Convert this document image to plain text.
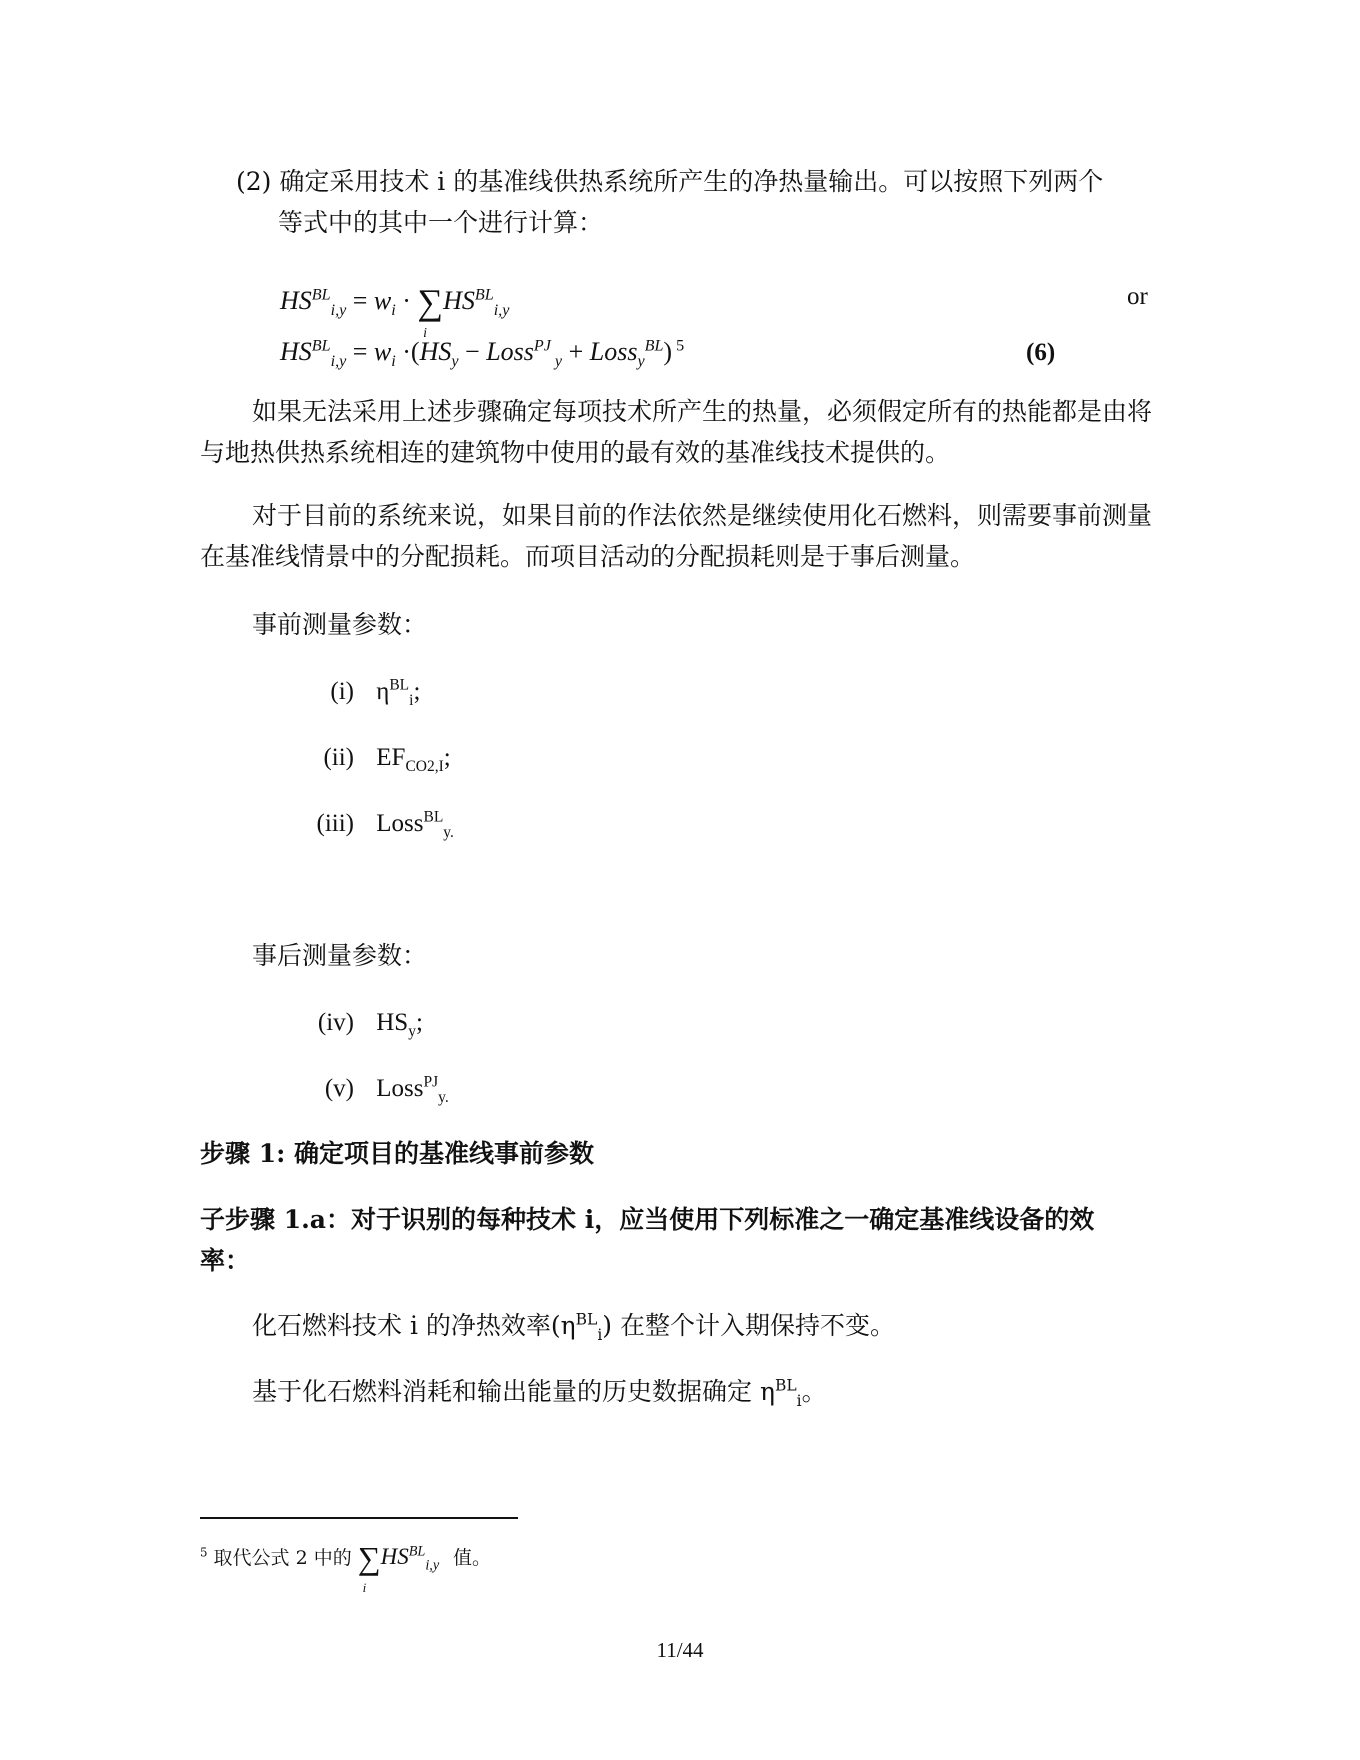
(2) 确定采用技术 i 的基准线供热系统所产生的净热量输出。可以按照下列两个
等式中的其中一个进行计算：
$HS^{BL}_{i,y} = w_i$ · ∑
i
$HS^{BL}_{i,y}$
or
$HS^{BL}_{i,y} = w_i \cdot(HS_y$ − Loss$^{PJ}$ $_y$ + Loss$_y^{BL}$) $^5$	(6)
如果无法采用上述步骤确定每项技术所产生的热量，必须假定所有的热能都是由将与地热供热系统相连的建筑物中使用的最有效的基准线技术提供的。
对于目前的系统来说，如果目前的作法依然是继续使用化石燃料，则需要事前测量在基准线情景中的分配损耗。而项目活动的分配损耗则是于事后测量。
事前测量参数：
(i) $\eta^{BL}_i$;
(ii) $EF_{CO2,I}$;
(iii) Loss$^{BL}_{y.}$
事后测量参数：
(iv) $HS_y$;
(v) Loss$^{PJ}_{y.}$
步骤 1: 确定项目的基准线事前参数
子步骤 1.a：对于识别的每种技术 i，应当使用下列标准之一确定基准线设备的效
率：
化石燃料技术 i 的净热效率$(\eta^{BL}_i)$ 在整个计入期保持不变。
基于化石燃料消耗和输出能量的历史数据确定 $\eta^{BL}_i$。
$^5$ 取代公式 2 中的 ∑
i
$HS^{BL}_{i,y}$ 值。
11/44
